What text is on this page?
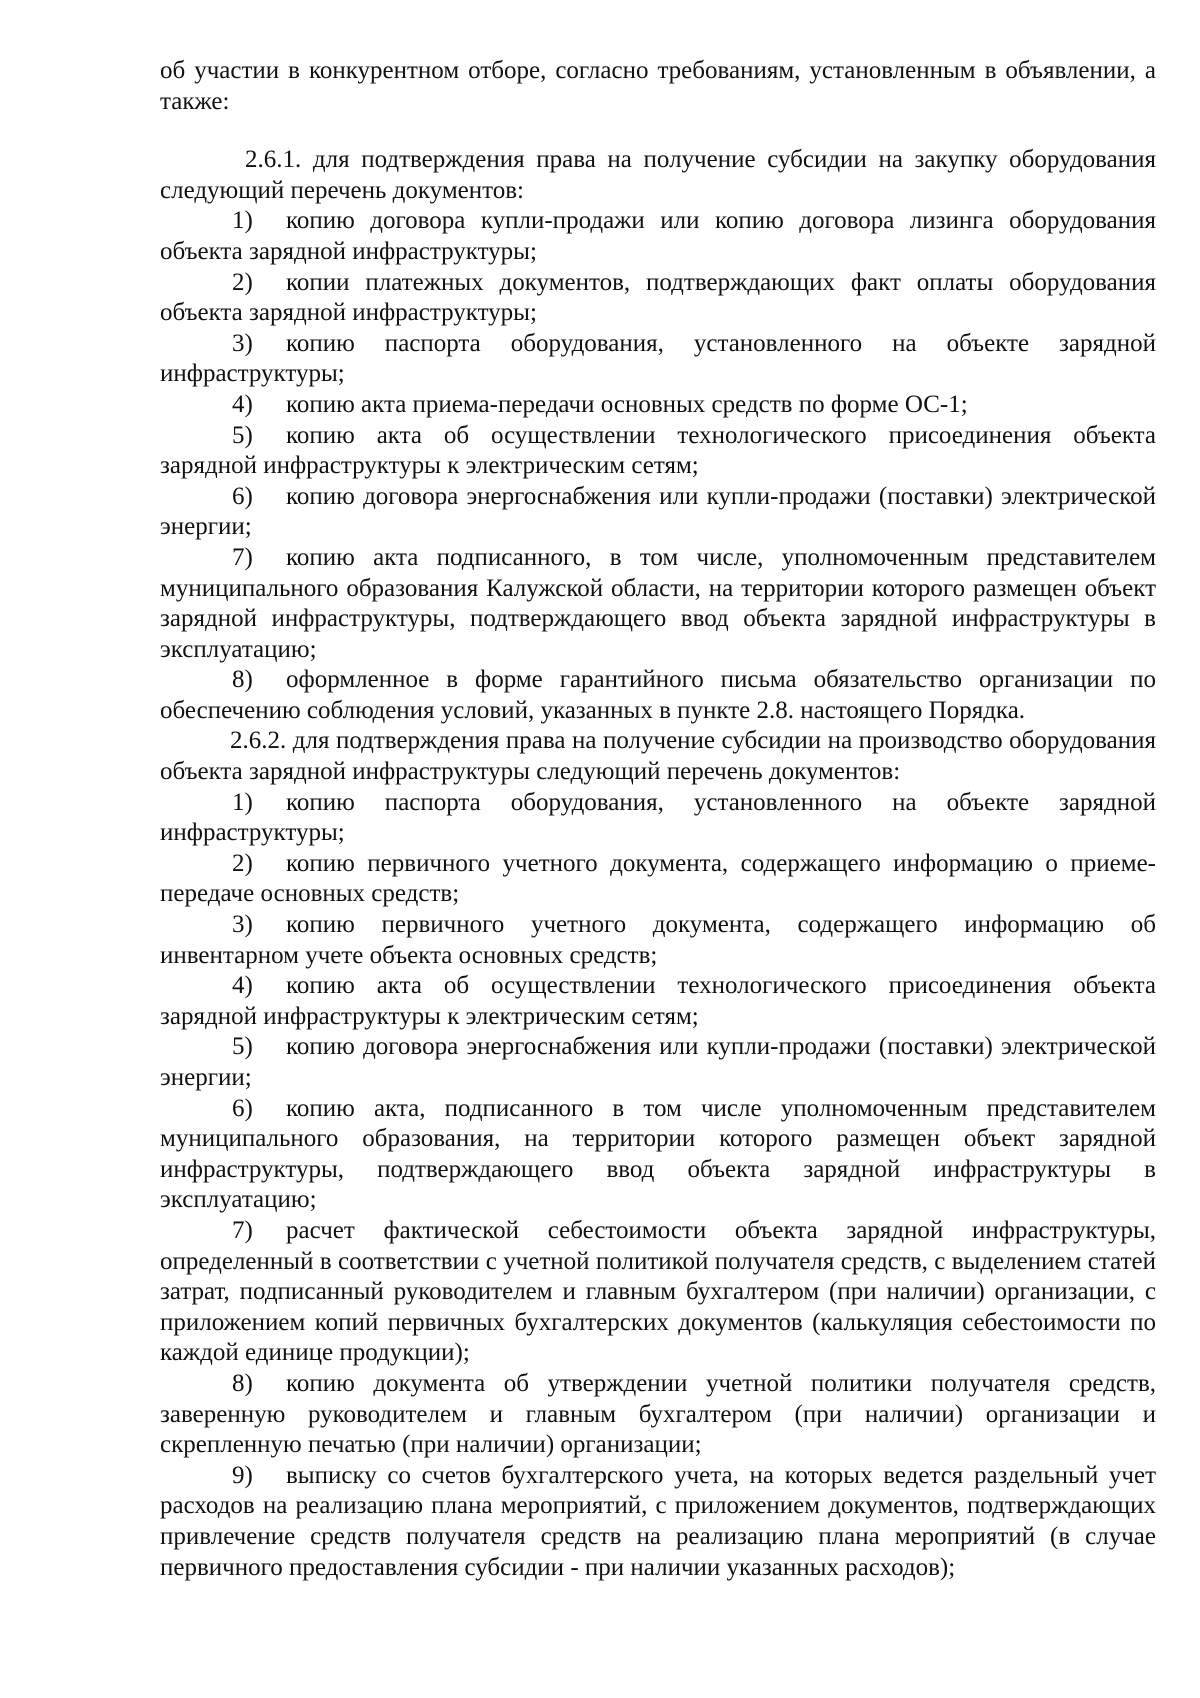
об участии в конкурентном отборе, согласно требованиям, установленным в объявлении, а также:

2.6.1. для подтверждения права на получение субсидии на закупку оборудования следующий перечень документов:

1) копию договора купли-продажи или копию договора лизинга оборудования объекта зарядной инфраструктуры;

2) копии платежных документов, подтверждающих факт оплаты оборудования объекта зарядной инфраструктуры;

3) копию паспорта оборудования, установленного на объекте зарядной инфраструктуры;

4) копию акта приема-передачи основных средств по форме ОС-1;

5) копию акта об осуществлении технологического присоединения объекта зарядной инфраструктуры к электрическим сетям;

6) копию договора энергоснабжения или купли-продажи (поставки) электрической энергии;

7) копию акта подписанного, в том числе, уполномоченным представителем муниципального образования Калужской области, на территории которого размещен объект зарядной инфраструктуры, подтверждающего ввод объекта зарядной инфраструктуры в эксплуатацию;

8) оформленное в форме гарантийного письма обязательство организации по обеспечению соблюдения условий, указанных в пункте 2.8. настоящего Порядка.

2.6.2. для подтверждения права на получение субсидии на производство оборудования объекта зарядной инфраструктуры следующий перечень документов:

1) копию паспорта оборудования, установленного на объекте зарядной инфраструктуры;

2) копию первичного учетного документа, содержащего информацию о приеме-передаче основных средств;

3) копию первичного учетного документа, содержащего информацию об инвентарном учете объекта основных средств;

4) копию акта об осуществлении технологического присоединения объекта зарядной инфраструктуры к электрическим сетям;

5) копию договора энергоснабжения или купли-продажи (поставки) электрической энергии;

6) копию акта, подписанного в том числе уполномоченным представителем муниципального образования, на территории которого размещен объект зарядной инфраструктуры, подтверждающего ввод объекта зарядной инфраструктуры в эксплуатацию;

7) расчет фактической себестоимости объекта зарядной инфраструктуры, определенный в соответствии с учетной политикой получателя средств, с выделением статей затрат, подписанный руководителем и главным бухгалтером (при наличии) организации, с приложением копий первичных бухгалтерских документов (калькуляция себестоимости по каждой единице продукции);

8) копию документа об утверждении учетной политики получателя средств, заверенную руководителем и главным бухгалтером (при наличии) организации и скрепленную печатью (при наличии) организации;

9) выписку со счетов бухгалтерского учета, на которых ведется раздельный учет расходов на реализацию плана мероприятий, с приложением документов, подтверждающих привлечение средств получателя средств на реализацию плана мероприятий (в случае первичного предоставления субсидии - при наличии указанных расходов);
